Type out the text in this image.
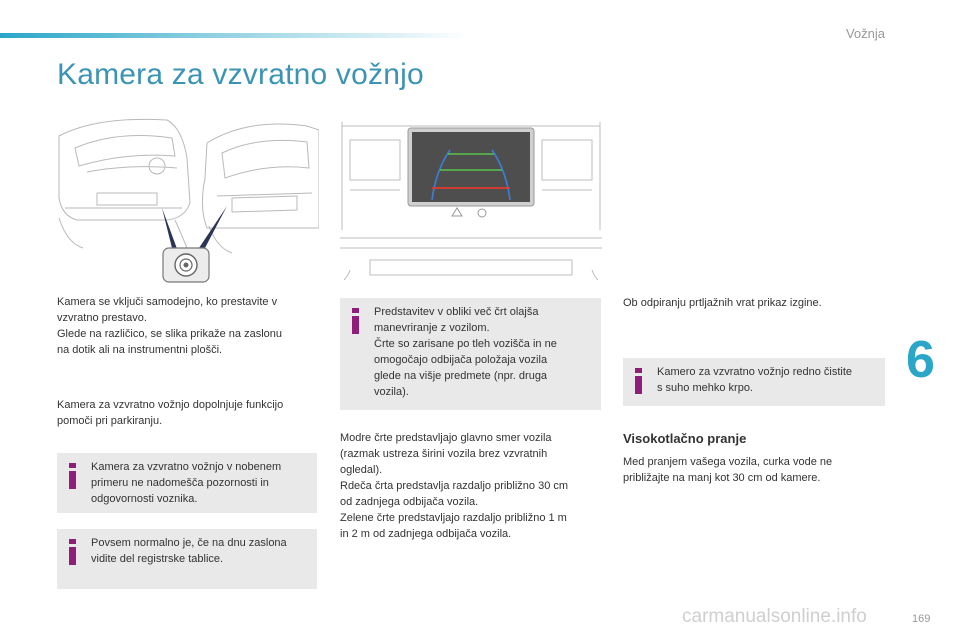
Vožnja
Kamera za vzvratno vožnjo
Kamera se vključi samodejno, ko prestavite v
vzvratno prestavo.
Glede na različico, se slika prikaže na zaslonu
na dotik ali na instrumentni plošči.
Kamera za vzvratno vožnjo dopolnjuje funkcijo
pomoči pri parkiranju.
Kamera za vzvratno vožnjo v nobenem
primeru ne nadomešča pozornosti in
odgovornosti voznika.
Povsem normalno je, če na dnu zaslona
vidite del registrske tablice.
Predstavitev v obliki več črt olajša
manevriranje z vozilom.
Črte so zarisane po tleh vozišča in ne
omogočajo odbijača položaja vozila
glede na višje predmete (npr. druga
vozila).
Modre črte predstavljajo glavno smer vozila
(razmak ustreza širini vozila brez vzvratnih
ogledal).
Rdeča črta predstavlja razdaljo približno 30 cm
od zadnjega odbijača vozila.
Zelene črte predstavljajo razdaljo približno 1 m
in 2 m od zadnjega odbijača vozila.
Ob odpiranju prtljažnih vrat prikaz izgine.
Kamero za vzvratno vožnjo redno čistite
s suho mehko krpo.
Visokotlačno pranje
Med pranjem vašega vozila, curka vode ne
približajte na manj kot 30 cm od kamere.
6
carmanualsonline.info	169
